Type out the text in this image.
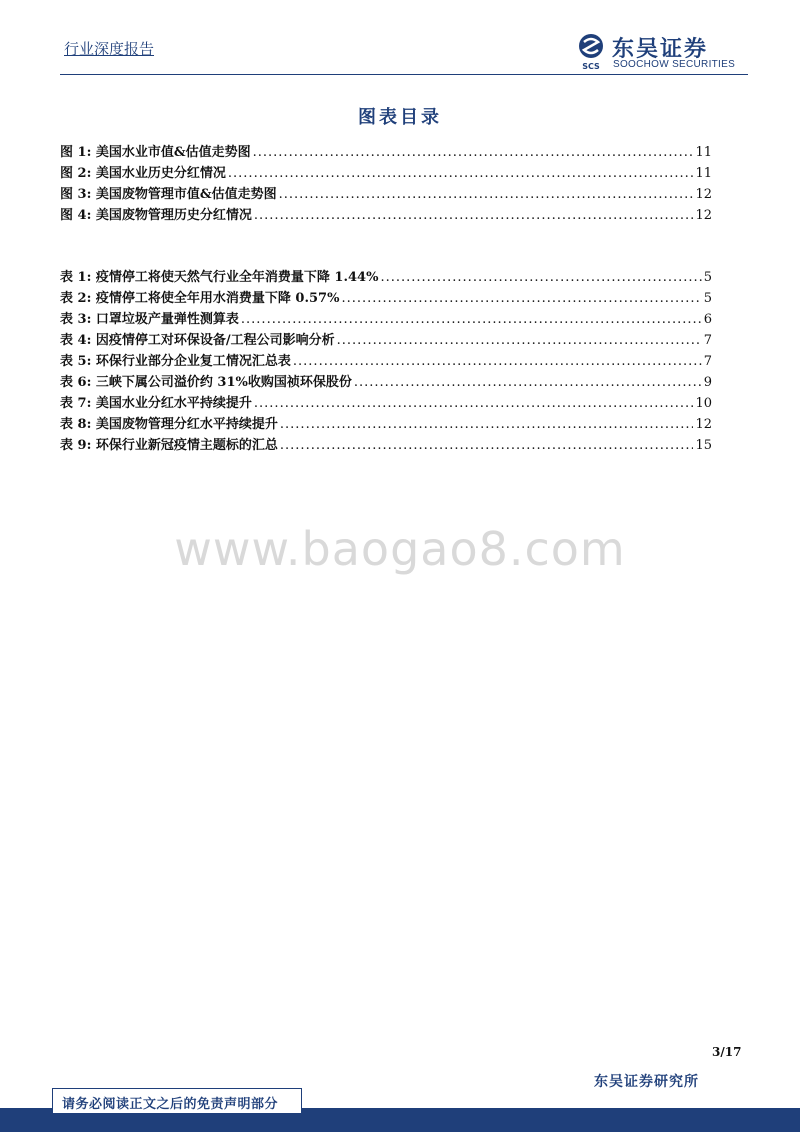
行业深度报告
SCS
东吴证券
SOOCHOW SECURITIES
图表目录
图 1: 美国水业市值&估值走势图 .....	11
图 2: 美国水业历史分红情况 .....	11
图 3: 美国废物管理市值&估值走势图 .....	12
图 4: 美国废物管理历史分红情况 .....	12
表 1: 疫情停工将使天然气行业全年消费量下降 1.44% .....	5
表 2: 疫情停工将使全年用水消费量下降 0.57% .....	5
表 3: 口罩垃圾产量弹性测算表 .....	6
表 4: 因疫情停工对环保设备/工程公司影响分析 .....	7
表 5: 环保行业部分企业复工情况汇总表 .....	7
表 6: 三峡下属公司溢价约 31%收购国祯环保股份 .....	9
表 7: 美国水业分红水平持续提升 .....	10
表 8: 美国废物管理分红水平持续提升 .....	12
表 9: 环保行业新冠疫情主题标的汇总 .....	15
www.baogao8.com
3/17
东吴证券研究所
请务必阅读正文之后的免责声明部分
